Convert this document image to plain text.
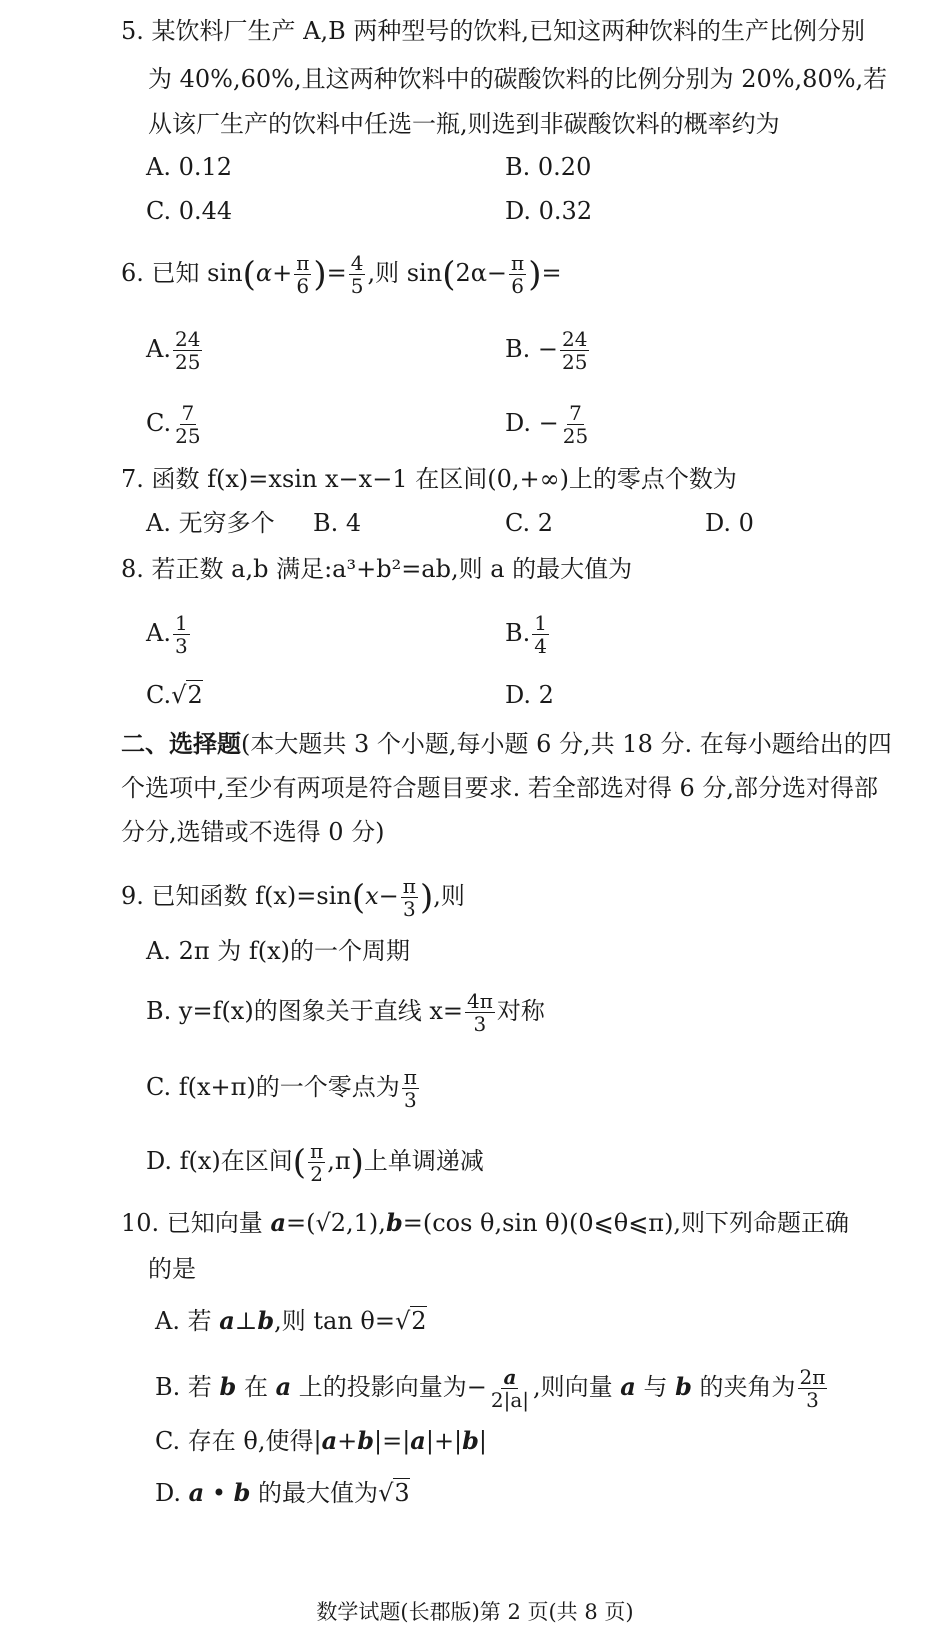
5. 某饮料厂生产 A,B 两种型号的饮料,已知这两种饮料的生产比例分别
为 40%,60%,且这两种饮料中的碳酸饮料的比例分别为 20%,80%,若
从该厂生产的饮料中任选一瓶,则选到非碳酸饮料的概率约为
A. 0.12	B. 0.20
C. 0.44	D. 0.32
6. 已知 $\sin(\alpha+ \frac{\pi}{6}$ )= $\frac{4}{5}$ ,则 $\sin(2\alpha- \frac{\pi}{6}$ )=
A. $\frac{24}{25}$	B. − $\frac{24}{25}$
C. $\frac{7}{25}$	D. − $\frac{7}{25}$
7. 函数 f(x)=xsin x−x−1 在区间(0,+∞)上的零点个数为
A. 无穷多个 B. 4	C. 2	D. 0
8. 若正数 a,b 满足:a³+b²=ab,则 a 的最大值为
A. $\frac{1}{3}$	B. $\frac{1}{4}$
C.√2	D. 2
二、选择题(本大题共 3 个小题,每小题 6 分,共 18 分. 在每小题给出的四
个选项中,至少有两项是符合题目要求. 若全部选对得 6 分,部分选对得部
分分,选错或不选得 0 分)
9. 已知函数 $f(x)=\sin(x- \frac{\pi}{3}$ ),则
A. 2π 为 f(x)的一个周期
B. y=f(x)的图象关于直线 $x= \frac{4\pi}{3}$ 对称
C. f(x+π)的一个零点为 $\frac{\pi}{3}$
D. f(x)在区间( $\frac{\pi}{2} ,\pi$)上单调递减
10. 已知向量 a=(√2,1),b=(cos θ,sin θ)(0⩽θ⩽π),则下列命题正确
的是
A. 若 a⊥b,则 tan θ=√2
B. 若 b 在 a 上的投影向量为− $\frac{a}{2|a|}$ ,则向量 a 与 b 的夹角为 $\frac{2\pi}{3}$
C. 存在 θ,使得|a+b|=|a|+|b|
D. a • b 的最大值为√3
数学试题(长郡版)第 2 页(共 8 页)
